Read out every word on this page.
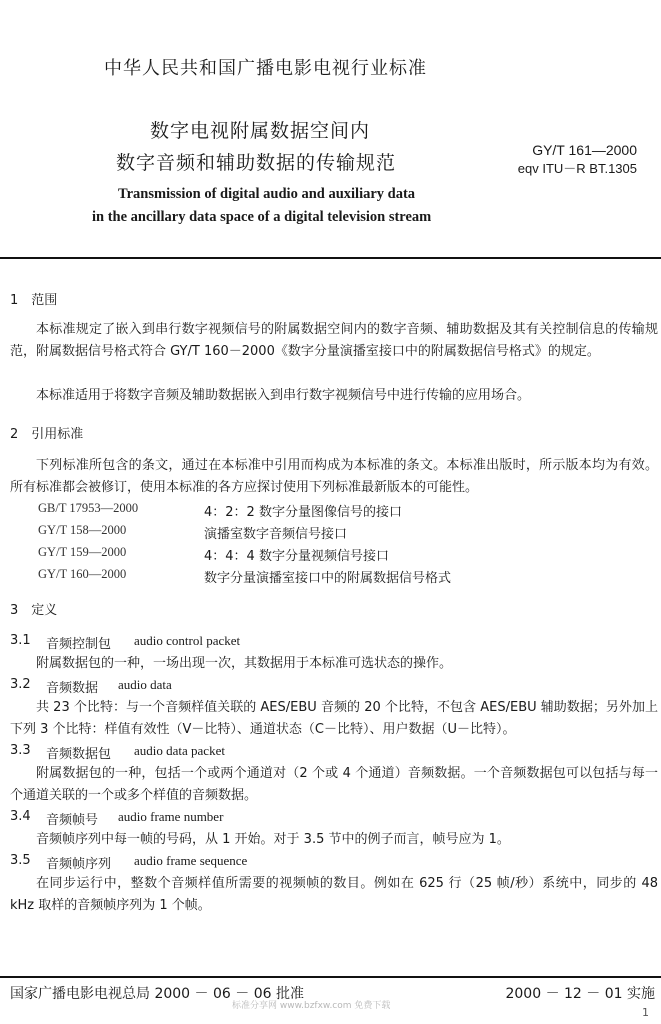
中华人民共和国广播电影电视行业标准
数字电视附属数据空间内
数字音频和辅助数据的传输规范
GY/T 161—2000
eqv ITU－R BT.1305
Transmission of digital audio and auxiliary data
in the ancillary data space of a digital television stream
1　范围
本标准规定了嵌入到串行数字视频信号的附属数据空间内的数字音频、辅助数据及其有关控制信息的传输规范，附属数据信号格式符合 GY/T 160－2000《数字分量演播室接口中的附属数据信号格式》的规定。
本标准适用于将数字音频及辅助数据嵌入到串行数字视频信号中进行传输的应用场合。
2　引用标准
下列标准所包含的条文，通过在本标准中引用而构成为本标准的条文。本标准出版时，所示版本均为有效。所有标准都会被修订，使用本标准的各方应探讨使用下列标准最新版本的可能性。
GB/T 17953—2000	4：2：2 数字分量图像信号的接口
GY/T 158—2000	演播室数字音频信号接口
GY/T 159—2000	4：4：4 数字分量视频信号接口
GY/T 160—2000	数字分量演播室接口中的附属数据信号格式
3　定义
3.1 音频控制包 audio control packet
附属数据包的一种，一场出现一次，其数据用于本标准可选状态的操作。
3.2 音频数据 audio data
共 23 个比特：与一个音频样值关联的 AES/EBU 音频的 20 个比特，不包含 AES/EBU 辅助数据；另外加上下列 3 个比特：样值有效性（V－比特）、通道状态（C－比特）、用户数据（U－比特）。
3.3 音频数据包 audio data packet
附属数据包的一种，包括一个或两个通道对（2 个或 4 个通道）音频数据。一个音频数据包可以包括与每一个通道关联的一个或多个样值的音频数据。
3.4 音频帧号 audio frame number
音频帧序列中每一帧的号码，从 1 开始。对于 3.5 节中的例子而言，帧号应为 1。
3.5 音频帧序列 audio frame sequence
在同步运行中，整数个音频样值所需要的视频帧的数目。例如在 625 行（25 帧/秒）系统中，同步的 48 kHz 取样的音频帧序列为 1 个帧。
国家广播电影电视总局 2000 － 06 － 06 批准	2000 － 12 － 01 实施
标准分享网 www.bzfxw.com 免费下载	1
